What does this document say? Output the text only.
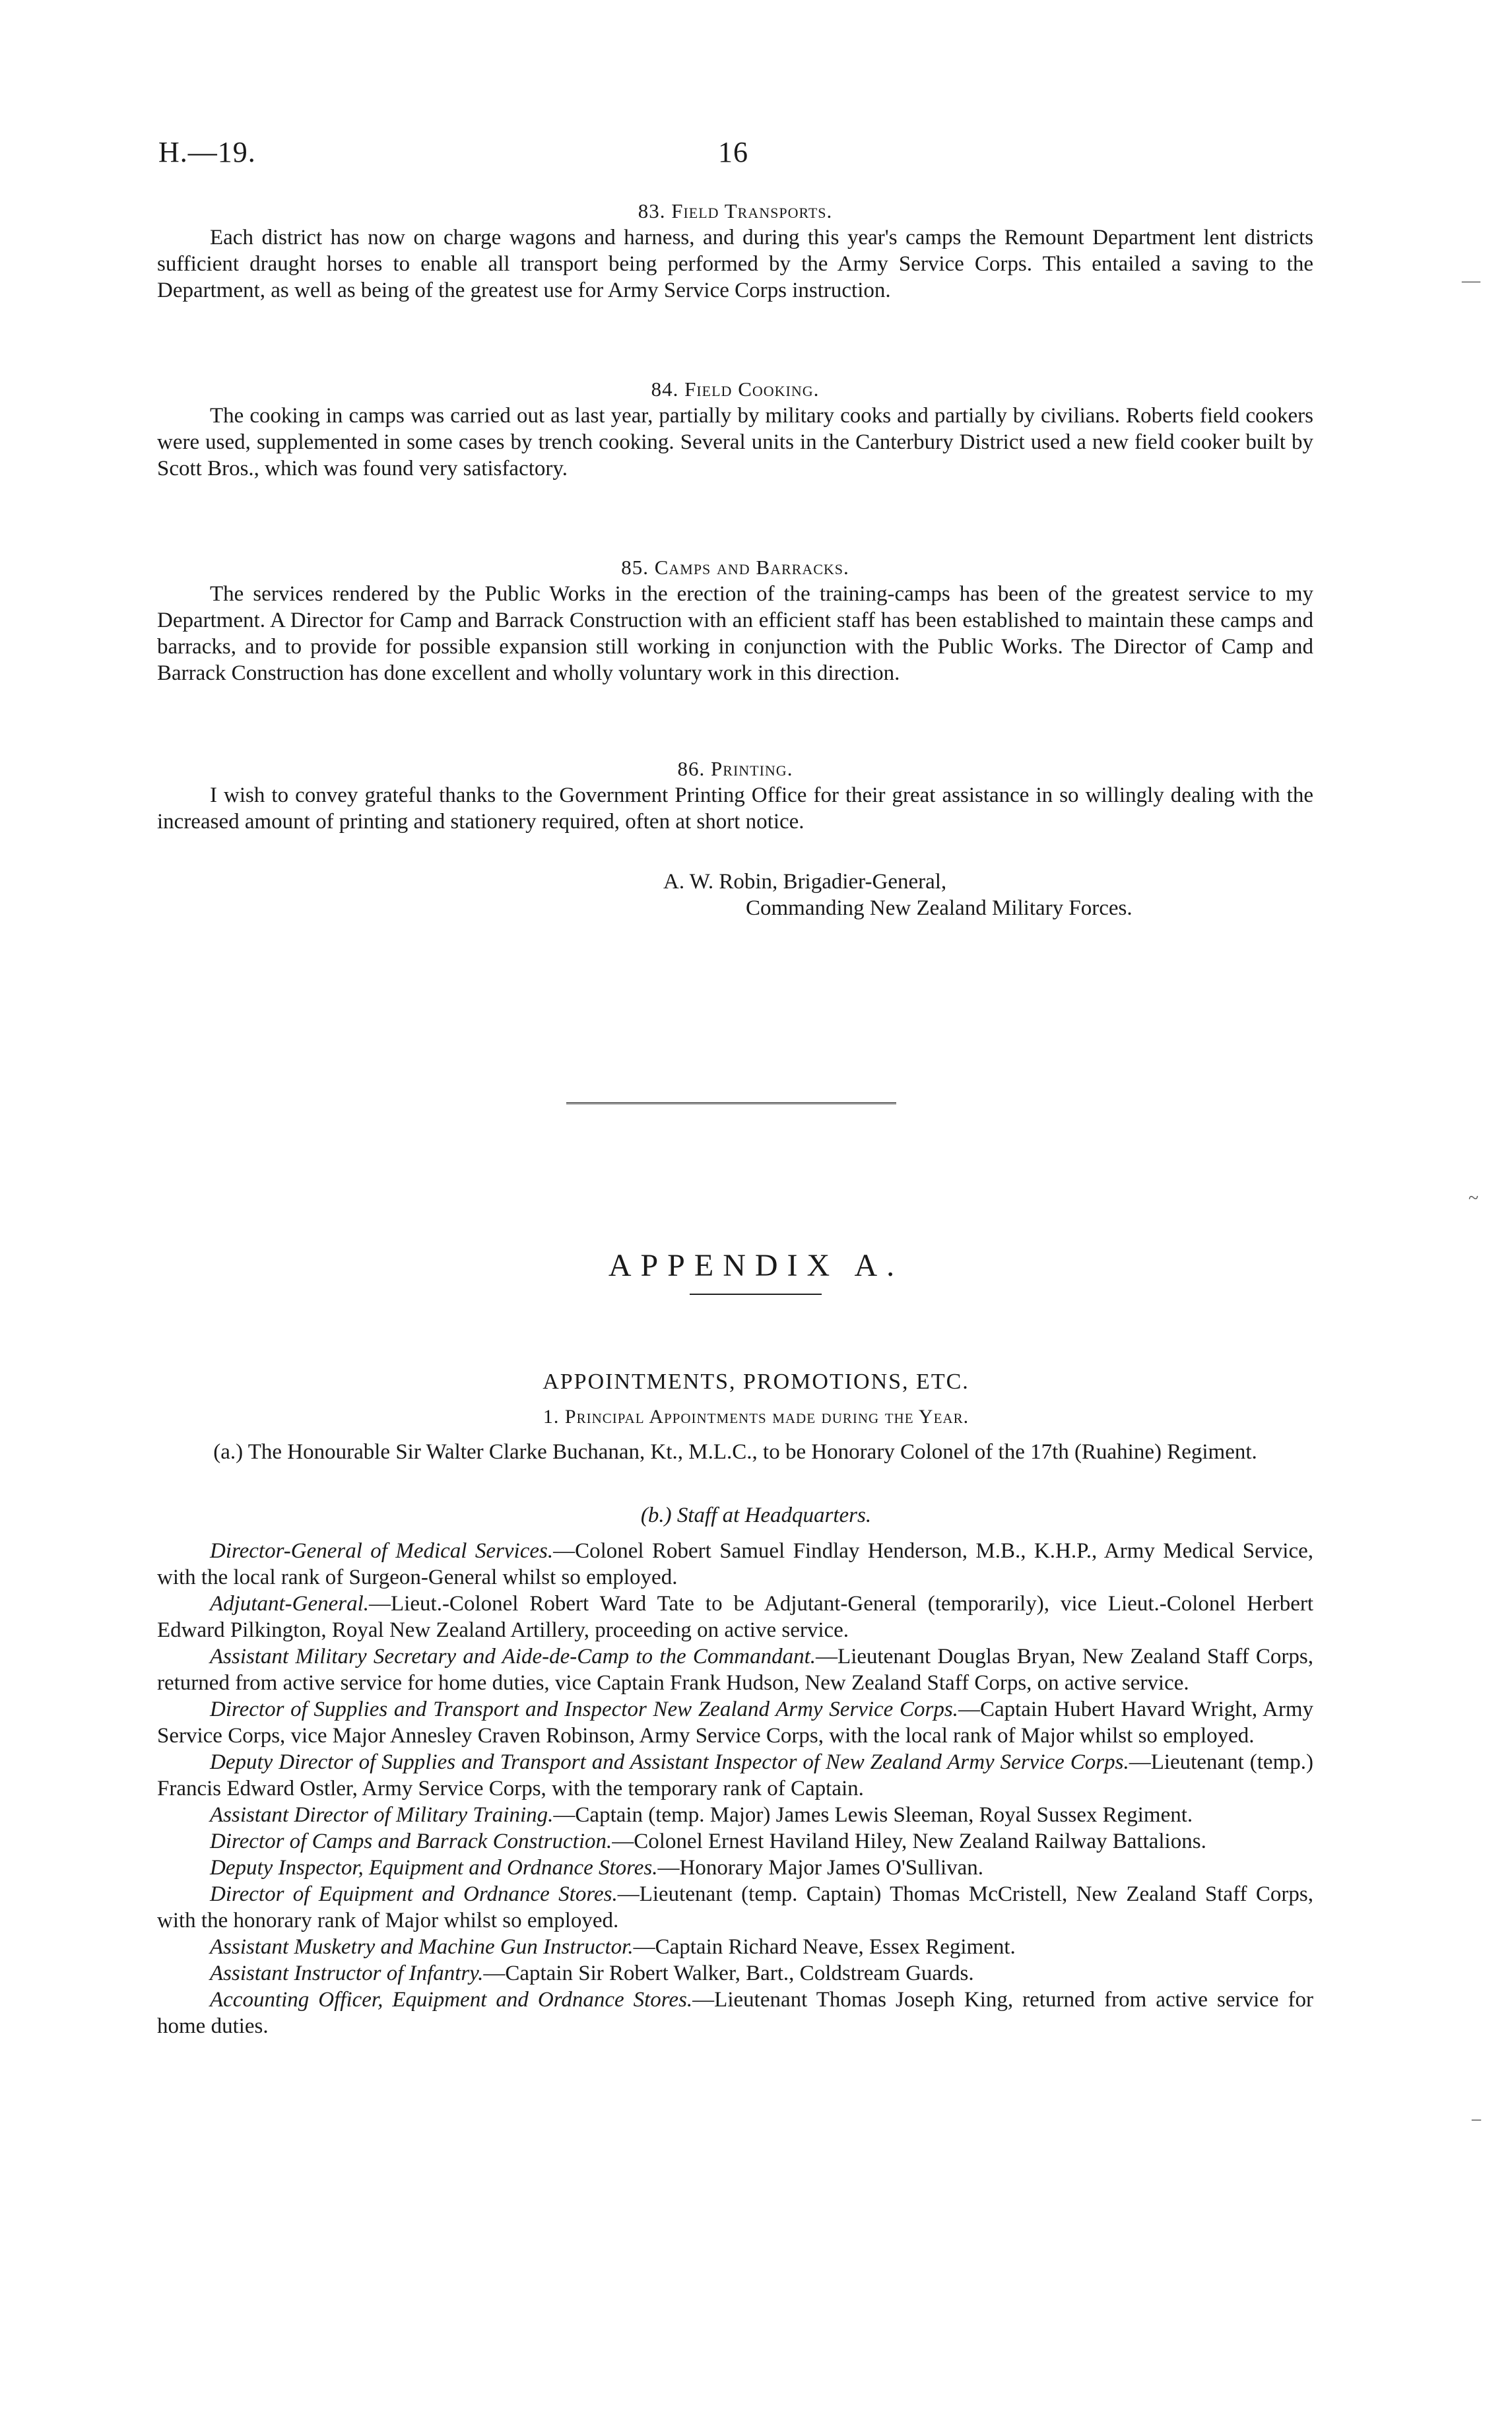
H.—19.	16

83. Field Transports.

Each district has now on charge wagons and harness, and during this year's camps the Remount Department lent districts sufficient draught horses to enable all transport being performed by the Army Service Corps. This entailed a saving to the Department, as well as being of the greatest use for Army Service Corps instruction.

84. Field Cooking.

The cooking in camps was carried out as last year, partially by military cooks and partially by civilians. Roberts field cookers were used, supplemented in some cases by trench cooking. Several units in the Canterbury District used a new field cooker built by Scott Bros., which was found very satisfactory.

85. Camps and Barracks.

The services rendered by the Public Works in the erection of the training-camps has been of the greatest service to my Department. A Director for Camp and Barrack Construction with an efficient staff has been established to maintain these camps and barracks, and to provide for possible expansion still working in conjunction with the Public Works. The Director of Camp and Barrack Construction has done excellent and wholly voluntary work in this direction.

86. Printing.

I wish to convey grateful thanks to the Government Printing Office for their great assistance in so willingly dealing with the increased amount of printing and stationery required, often at short notice.

A. W. Robin, Brigadier-General,
Commanding New Zealand Military Forces.
APPENDIX A.
APPOINTMENTS, PROMOTIONS, ETC.
1. Principal Appointments made during the Year.

(a.) The Honourable Sir Walter Clarke Buchanan, Kt., M.L.C., to be Honorary Colonel of the 17th (Ruahine) Regiment.

(b.) Staff at Headquarters.

Director-General of Medical Services.—Colonel Robert Samuel Findlay Henderson, M.B., K.H.P., Army Medical Service, with the local rank of Surgeon-General whilst so employed.

Adjutant-General.—Lieut.-Colonel Robert Ward Tate to be Adjutant-General (temporarily), vice Lieut.-Colonel Herbert Edward Pilkington, Royal New Zealand Artillery, proceeding on active service.

Assistant Military Secretary and Aide-de-Camp to the Commandant.—Lieutenant Douglas Bryan, New Zealand Staff Corps, returned from active service for home duties, vice Captain Frank Hudson, New Zealand Staff Corps, on active service.

Director of Supplies and Transport and Inspector New Zealand Army Service Corps.—Captain Hubert Havard Wright, Army Service Corps, vice Major Annesley Craven Robinson, Army Service Corps, with the local rank of Major whilst so employed.

Deputy Director of Supplies and Transport and Assistant Inspector of New Zealand Army Service Corps.—Lieutenant (temp.) Francis Edward Ostler, Army Service Corps, with the temporary rank of Captain.

Assistant Director of Military Training.—Captain (temp. Major) James Lewis Sleeman, Royal Sussex Regiment.

Director of Camps and Barrack Construction.—Colonel Ernest Haviland Hiley, New Zealand Railway Battalions.

Deputy Inspector, Equipment and Ordnance Stores.—Honorary Major James O'Sullivan.

Director of Equipment and Ordnance Stores.—Lieutenant (temp. Captain) Thomas McCristell, New Zealand Staff Corps, with the honorary rank of Major whilst so employed.

Assistant Musketry and Machine Gun Instructor.—Captain Richard Neave, Essex Regiment.

Assistant Instructor of Infantry.—Captain Sir Robert Walker, Bart., Coldstream Guards.

Accounting Officer, Equipment and Ordnance Stores.—Lieutenant Thomas Joseph King, returned from active service for home duties.

—
~
–
